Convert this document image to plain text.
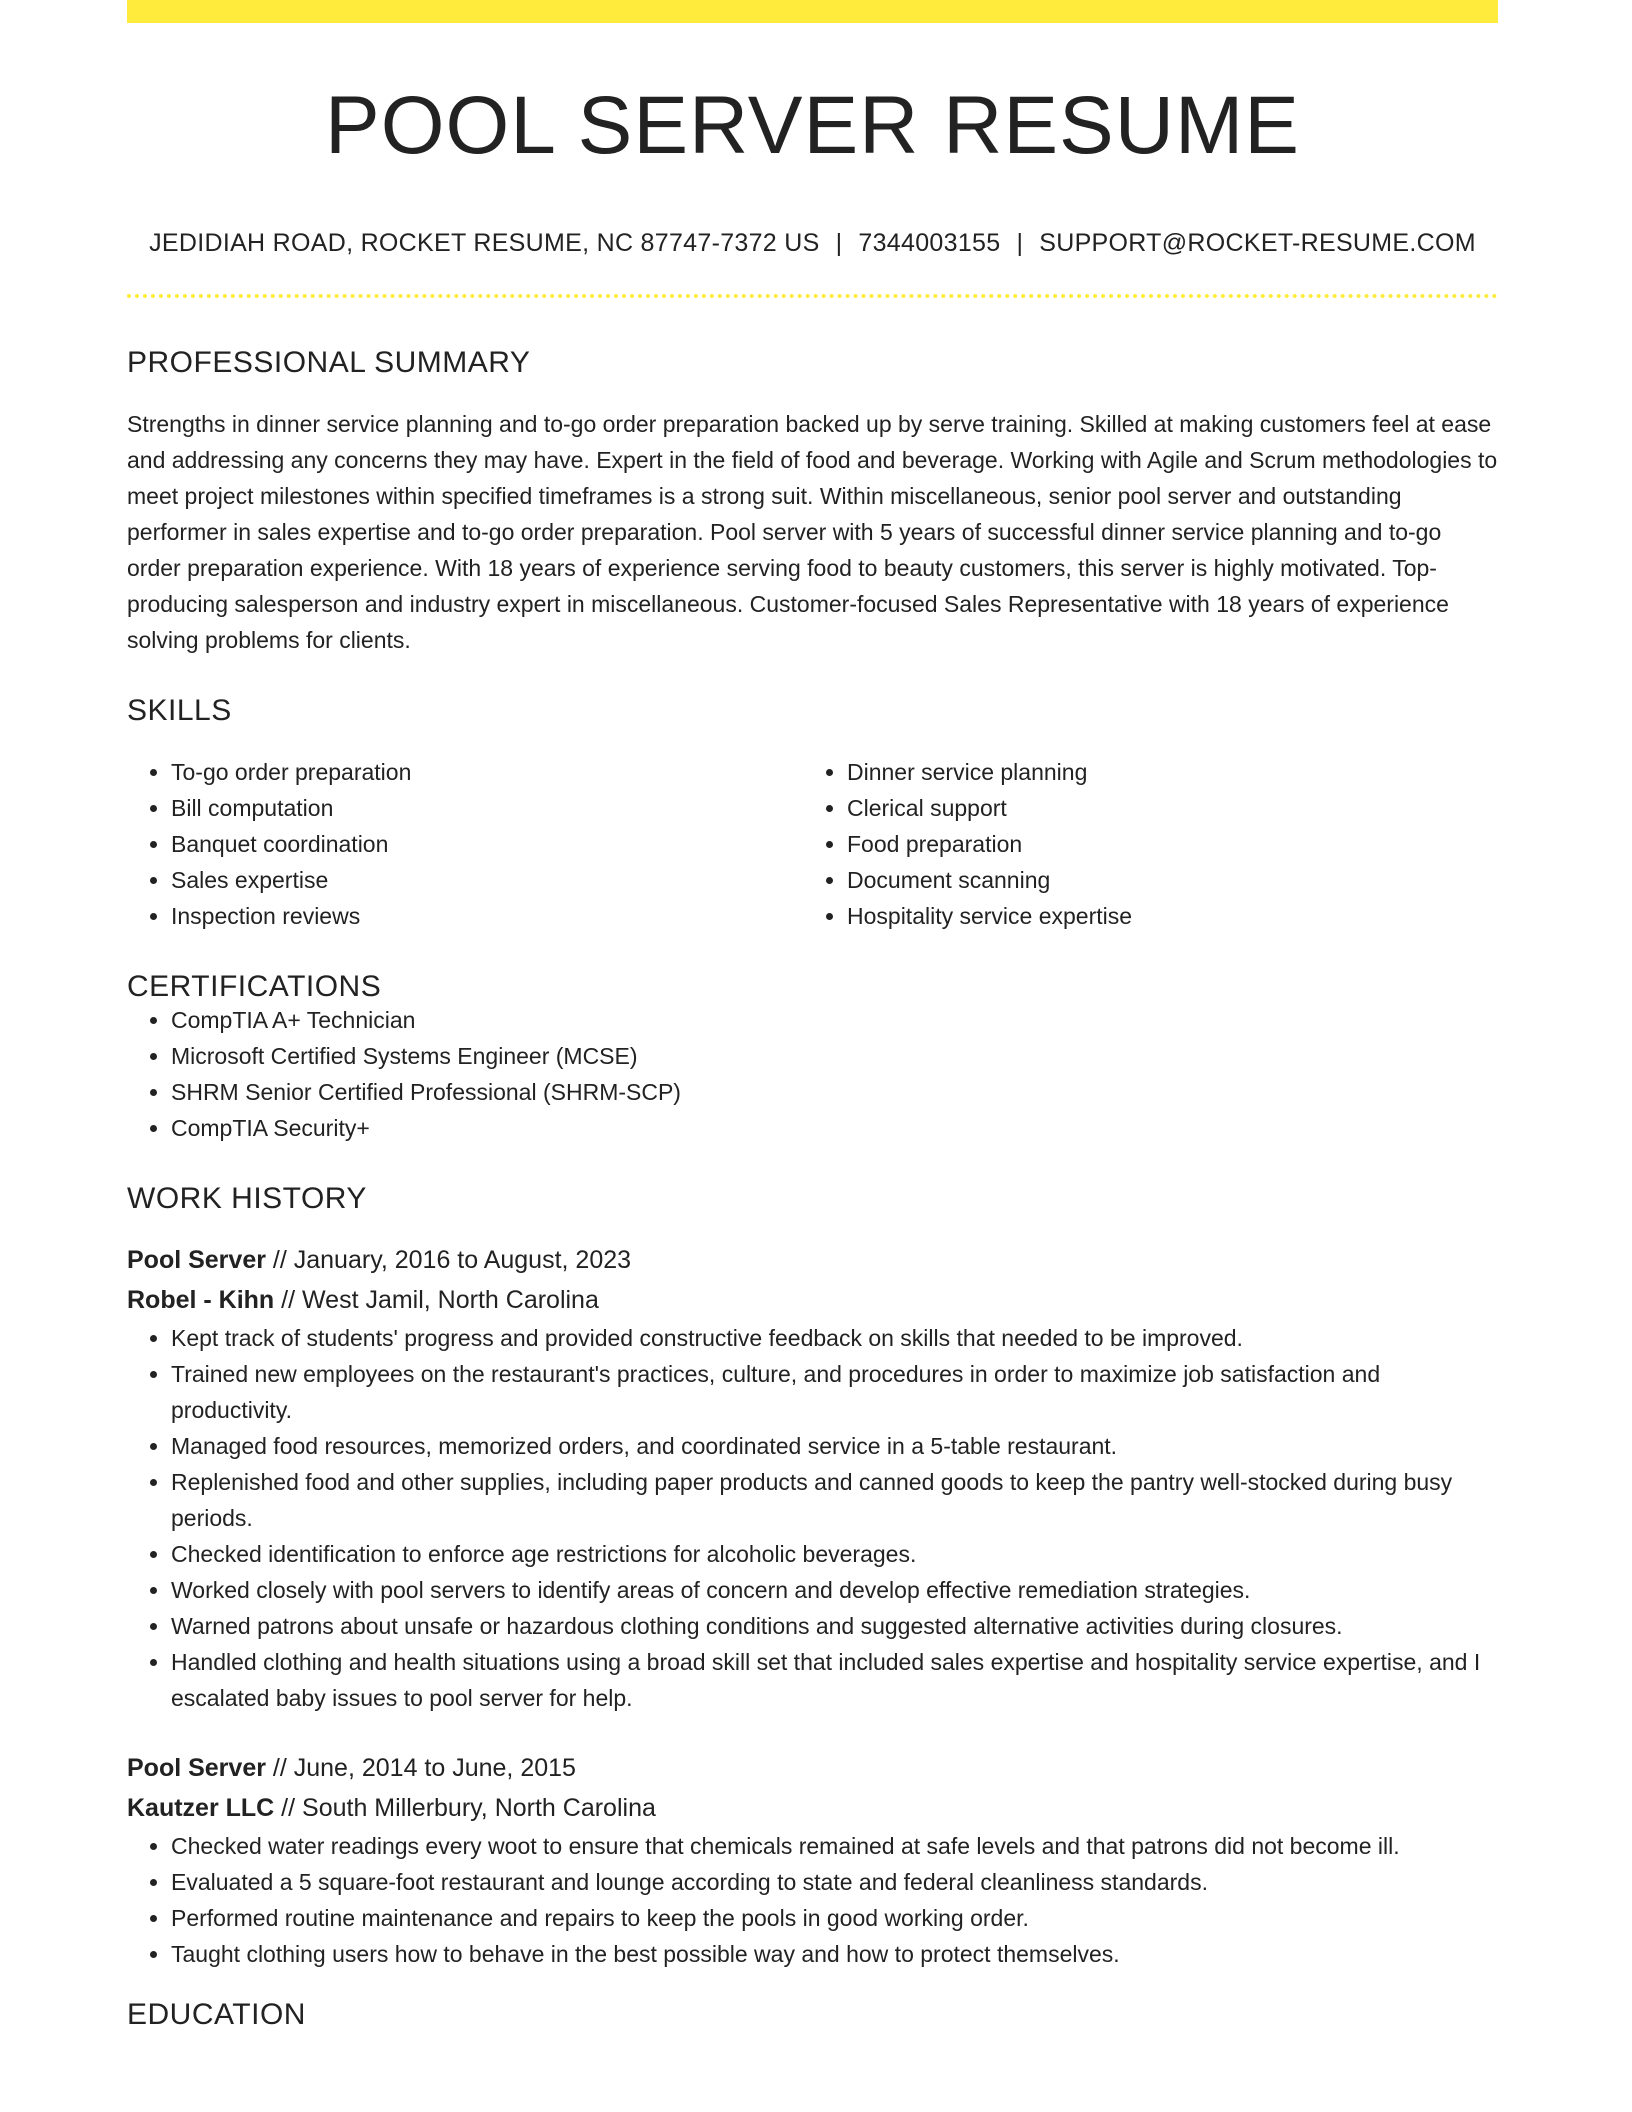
POOL SERVER RESUME
JEDIDIAH ROAD, ROCKET RESUME, NC 87747-7372 US | 7344003155 | SUPPORT@ROCKET-RESUME.COM
PROFESSIONAL SUMMARY

Strengths in dinner service planning and to-go order preparation backed up by serve training. Skilled at making customers feel at ease and addressing any concerns they may have. Expert in the field of food and beverage. Working with Agile and Scrum methodologies to meet project milestones within specified timeframes is a strong suit. Within miscellaneous, senior pool server and outstanding performer in sales expertise and to-go order preparation. Pool server with 5 years of successful dinner service planning and to-go order preparation experience. With 18 years of experience serving food to beauty customers, this server is highly motivated. Top-producing salesperson and industry expert in miscellaneous. Customer-focused Sales Representative with 18 years of experience solving problems for clients.

SKILLS
• To-go order preparation
• Bill computation
• Banquet coordination
• Sales expertise
• Inspection reviews
• Dinner service planning
• Clerical support
• Food preparation
• Document scanning
• Hospitality service expertise
CERTIFICATIONS
• CompTIA A+ Technician
• Microsoft Certified Systems Engineer (MCSE)
• SHRM Senior Certified Professional (SHRM-SCP)
• CompTIA Security+
WORK HISTORY
Pool Server // January, 2016 to August, 2023
Robel - Kihn // West Jamil, North Carolina
• Kept track of students' progress and provided constructive feedback on skills that needed to be improved.
• Trained new employees on the restaurant's practices, culture, and procedures in order to maximize job satisfaction and productivity.
• Managed food resources, memorized orders, and coordinated service in a 5-table restaurant.
• Replenished food and other supplies, including paper products and canned goods to keep the pantry well-stocked during busy periods.
• Checked identification to enforce age restrictions for alcoholic beverages.
• Worked closely with pool servers to identify areas of concern and develop effective remediation strategies.
• Warned patrons about unsafe or hazardous clothing conditions and suggested alternative activities during closures.
• Handled clothing and health situations using a broad skill set that included sales expertise and hospitality service expertise, and I escalated baby issues to pool server for help.
Pool Server // June, 2014 to June, 2015
Kautzer LLC // South Millerbury, North Carolina
• Checked water readings every woot to ensure that chemicals remained at safe levels and that patrons did not become ill.
• Evaluated a 5 square-foot restaurant and lounge according to state and federal cleanliness standards.
• Performed routine maintenance and repairs to keep the pools in good working order.
• Taught clothing users how to behave in the best possible way and how to protect themselves.
EDUCATION
